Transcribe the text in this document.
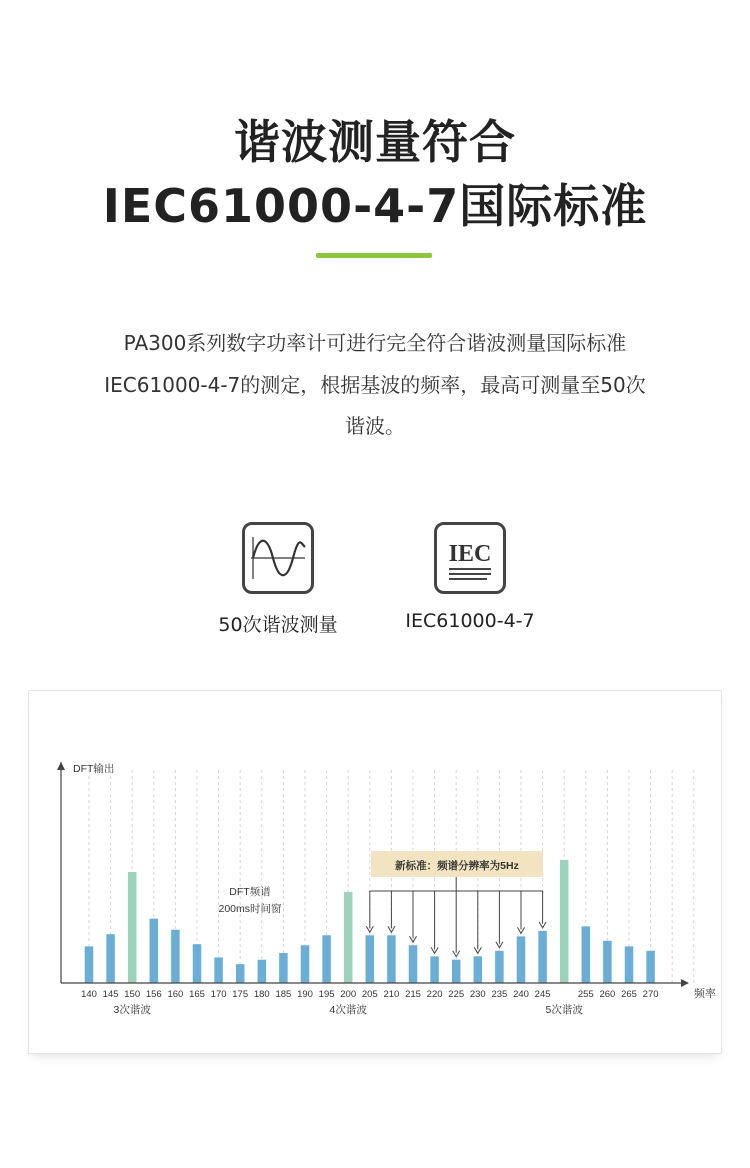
谐波测量符合
IEC61000-4-7国际标准
PA300系列数字功率计可进行完全符合谐波测量国际标准
IEC61000-4-7的测定，根据基波的频率，最高可测量至50次
谐波。
50次谐波测量
IEC
IEC61000-4-7
DFT输出
频率
140 145 150 156 160 165 170 175 180 185 190 195 200 205 210 215 220 225 230 235 240 245	255 260 265 270
3次谐波	4次谐波	5次谐波
DFT频谱
200ms时间窗
新标准：频谱分辨率为5Hz
